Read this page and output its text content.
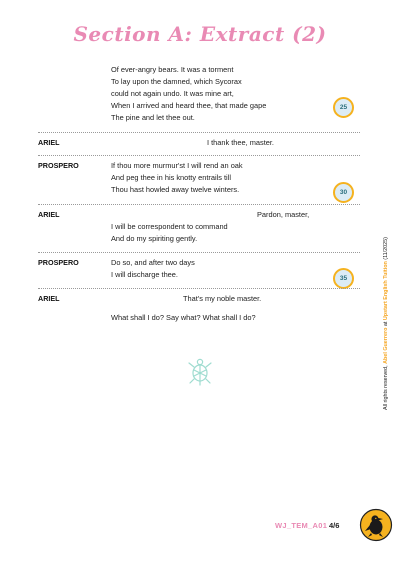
Section A: Extract (2)
Of ever-angry bears. It was a torment
To lay upon the damned, which Sycorax
could not again undo. It was mine art,
When I arrived and heard thee, that made gape
The pine and let thee out.
25
ARIEL	I thank thee, master.
PROSPERO	If thou more murmur'st I will rend an oak
And peg thee in his knotty entrails till
Thou hast howled away twelve winters.	30
ARIEL	Pardon, master,
I will be correspondent to command
And do my spiriting gently.
PROSPERO	Do so, and after two days
I will discharge thee.	35
ARIEL	That's my noble master.
What shall I do? Say what? What shall I do?
All rights reserved, Abel Guerrero at Upstart English Tuition (11/2025)
WJ_TEM_A01 4/6
